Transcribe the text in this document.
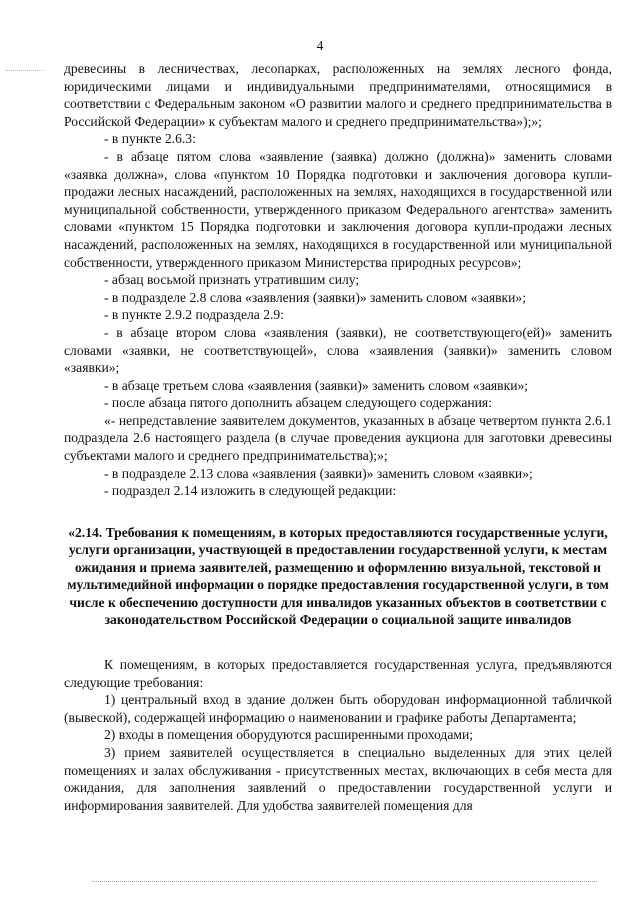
4

древесины в лесничествах, лесопарках, расположенных на землях лесного фонда, юридическими лицами и индивидуальными предпринимателями, относящимися в соответствии с Федеральным законом «О развитии малого и среднего предпринимательства в Российской Федерации» к субъектам малого и среднего предпринимательства»);»;

- в пункте 2.6.3:

- в абзаце пятом слова «заявление (заявка) должно (должна)» заменить словами «заявка должна», слова «пунктом 10 Порядка подготовки и заключения договора купли-продажи лесных насаждений, расположенных на землях, находящихся в государственной или муниципальной собственности, утвержденного приказом Федерального агентства» заменить словами «пунктом 15 Порядка подготовки и заключения договора купли-продажи лесных насаждений, расположенных на землях, находящихся в государственной или муниципальной собственности, утвержденного приказом Министерства природных ресурсов»;

- абзац восьмой признать утратившим силу;

- в подразделе 2.8 слова «заявления (заявки)» заменить словом «заявки»;

- в пункте 2.9.2 подраздела 2.9:

- в абзаце втором слова «заявления (заявки), не соответствующего(ей)» заменить словами «заявки, не соответствующей», слова «заявления (заявки)» заменить словом «заявки»;

- в абзаце третьем слова «заявления (заявки)» заменить словом «заявки»;

- после абзаца пятого дополнить абзацем следующего содержания:

«- непредставление заявителем документов, указанных в абзаце четвертом пункта 2.6.1 подраздела 2.6 настоящего раздела (в случае проведения аукциона для заготовки древесины субъектами малого и среднего предпринимательства);»;

- в подразделе 2.13 слова «заявления (заявки)» заменить словом «заявки»;

- подраздел 2.14 изложить в следующей редакции:

«2.14. Требования к помещениям, в которых предоставляются государственные услуги, услуги организации, участвующей в предоставлении государственной услуги, к местам ожидания и приема заявителей, размещению и оформлению визуальной, текстовой и мультимедийной информации о порядке предоставления государственной услуги, в том числе к обеспечению доступности для инвалидов указанных объектов в соответствии с законодательством Российской Федерации о социальной защите инвалидов

К помещениям, в которых предоставляется государственная услуга, предъявляются следующие требования:

1) центральный вход в здание должен быть оборудован информационной табличкой (вывеской), содержащей информацию о наименовании и графике работы Департамента;

2) входы в помещения оборудуются расширенными проходами;

3) прием заявителей осуществляется в специально выделенных для этих целей помещениях и залах обслуживания - присутственных местах, включающих в себя места для ожидания, для заполнения заявлений о предоставлении государственной услуги и информирования заявителей. Для удобства заявителей помещения для
